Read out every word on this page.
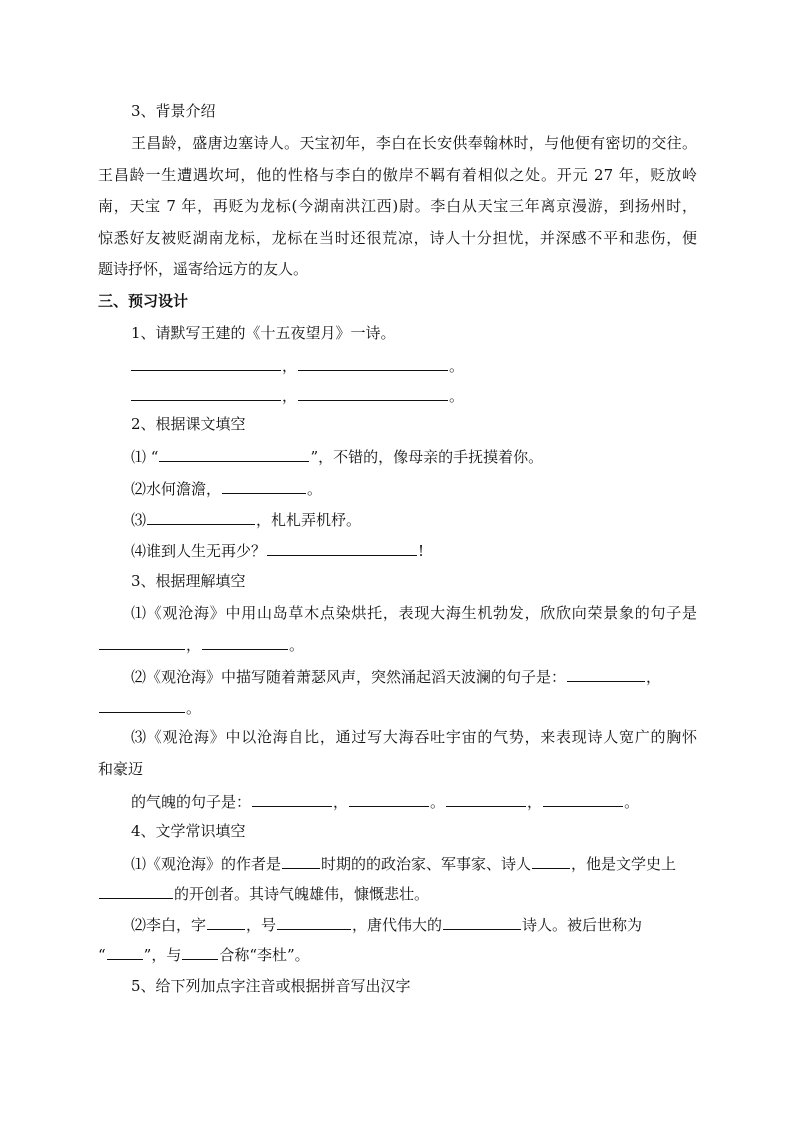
3、背景介绍
王昌龄，盛唐边塞诗人。天宝初年，李白在长安供奉翰林时，与他便有密切的交往。
王昌龄一生遭遇坎坷，他的性格与李白的傲岸不羁有着相似之处。开元 27 年，贬放岭
南，天宝 7 年，再贬为龙标(今湖南洪江西)尉。李白从天宝三年离京漫游，到扬州时，
惊悉好友被贬湖南龙标，龙标在当时还很荒凉，诗人十分担忧，并深感不平和悲伤，便
题诗抒怀，遥寄给远方的友人。
三、预习设计
1、请默写王建的《十五夜望月》一诗。
，	。
，	。
2、根据课文填空
⑴ “	”，不错的，像母亲的手抚摸着你。
⑵水何澹澹，	。
⑶	，札札弄机杼。
⑷谁到人生无再少？	!
3、根据理解填空
⑴《观沧海》中用山岛草木点染烘托，表现大海生机勃发，欣欣向荣景象的句子是
，	。
⑵《观沧海》中描写随着萧瑟风声，突然涌起滔天波澜的句子是：	，
。
⑶《观沧海》中以沧海自比，通过写大海吞吐宇宙的气势，来表现诗人宽广的胸怀
和豪迈
的气魄的句子是：	，	。	，	。
4、文学常识填空
⑴《观沧海》的作者是	时期的的政治家、军事家、诗人	，他是文学史上
的开创者。其诗气魄雄伟，慷慨悲壮。
⑵李白，字	，号	，唐代伟大的	诗人。被后世称为
“	”，与	合称“李杜”。
5、给下列加点字注音或根据拼音写出汉字
